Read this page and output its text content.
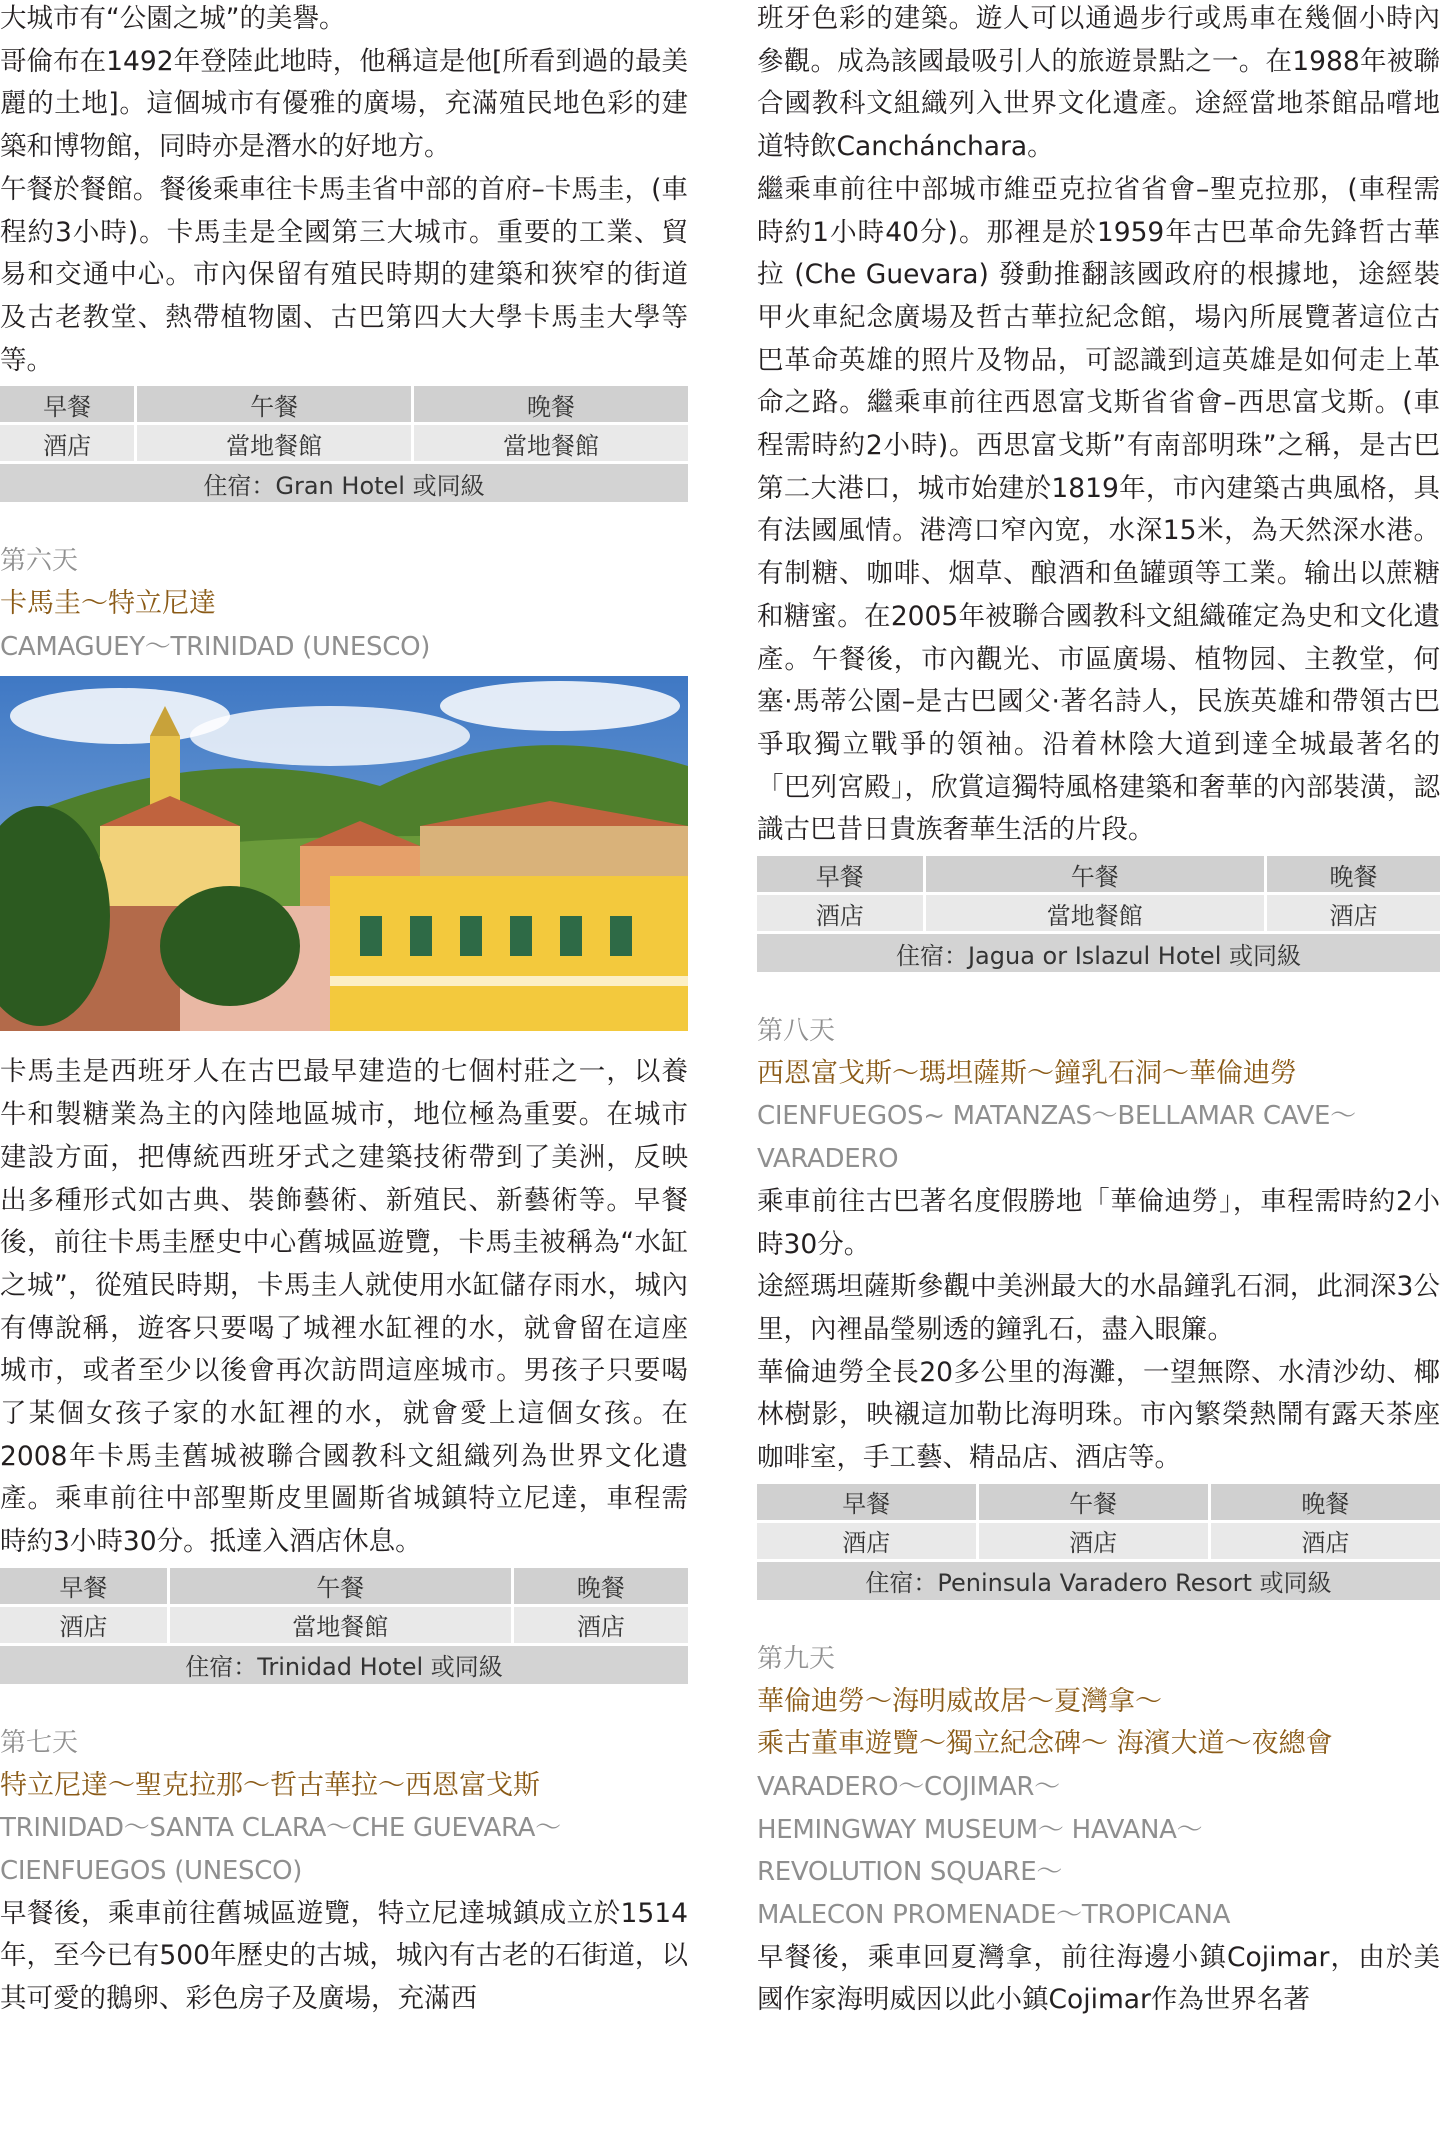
大城市有“公園之城”的美譽。

哥倫布在1492年登陸此地時，他稱這是他[所看到過的最美麗的土地]。這個城市有優雅的廣場，充滿殖民地色彩的建築和博物館，同時亦是潛水的好地方。

午餐於餐館。餐後乘車往卡馬圭省中部的首府–卡馬圭，(車程約3小時)。卡馬圭是全國第三大城市。重要的工業、貿易和交通中心。市內保留有殖民時期的建築和狹窄的街道及古老教堂、熱帶植物園、古巴第四大大學卡馬圭大學等等。

早餐	午餐	晚餐
酒店	當地餐館	當地餐館
住宿：Gran Hotel 或同級		

第六天

卡馬圭～特立尼達

CAMAGUEY～TRINIDAD (UNESCO)

卡馬圭是西班牙人在古巴最早建造的七個村莊之一，以養牛和製糖業為主的內陸地區城市，地位極為重要。在城市建設方面，把傳統西班牙式之建築技術帶到了美洲，反映出多種形式如古典、裝飾藝術、新殖民、新藝術等。早餐後，前往卡馬圭歷史中心舊城區遊覽，卡馬圭被稱為“水缸之城”，從殖民時期，卡馬圭人就使用水缸儲存雨水，城內有傳說稱，遊客只要喝了城裡水缸裡的水，就會留在這座城市，或者至少以後會再次訪問這座城市。男孩子只要喝了某個女孩子家的水缸裡的水，就會愛上這個女孩。在2008年卡馬圭舊城被聯合國教科文組織列為世界文化遺產。乘車前往中部聖斯皮里圖斯省城鎮特立尼達，車程需時約3小時30分。抵達入酒店休息。

早餐	午餐	晚餐
酒店	當地餐館	酒店
住宿：Trinidad Hotel 或同級		

第七天

特立尼達～聖克拉那～哲古華拉～西恩富戈斯

TRINIDAD～SANTA CLARA～CHE GUEVARA～

CIENFUEGOS (UNESCO)

早餐後，乘車前往舊城區遊覽，特立尼達城鎮成立於1514年，至今已有500年歷史的古城，城內有古老的石街道，以其可愛的鵝卵、彩色房子及廣場，充滿西

班牙色彩的建築。遊人可以通過步行或馬車在幾個小時內參觀。成為該國最吸引人的旅遊景點之一。在1988年被聯合國教科文組織列入世界文化遺產。途經當地茶館品嚐地道特飲Canchánchara。

繼乘車前往中部城市維亞克拉省省會–聖克拉那，(車程需時約1小時40分)。那裡是於1959年古巴革命先鋒哲古華拉 (Che Guevara) 發動推翻該國政府的根據地，途經裝甲火車紀念廣場及哲古華拉紀念館，場內所展覽著這位古巴革命英雄的照片及物品，可認識到這英雄是如何走上革命之路。繼乘車前往西恩富戈斯省省會–西思富戈斯。(車程需時約2小時)。西思富戈斯”有南部明珠”之稱，是古巴第二大港口，城市始建於1819年，市內建築古典風格，具有法國風情。港湾口窄內宽，水深15米，為天然深水港。有制糖、咖啡、烟草、酿酒和鱼罐頭等工業。输出以蔗糖和糖蜜。在2005年被聯合國教科文組織確定為史和文化遺產。午餐後，市內觀光、市區廣場、植物园、主教堂，何塞·馬蒂公園–是古巴國父·著名詩人，民族英雄和帶領古巴爭取獨立戰爭的領袖。沿着林陰大道到達全城最著名的「巴列宮殿」，欣賞這獨特風格建築和奢華的內部裝潢，認識古巴昔日貴族奢華生活的片段。

早餐	午餐	晚餐
酒店	當地餐館	酒店
住宿：Jagua or Islazul Hotel 或同級		

第八天

西恩富戈斯～瑪坦薩斯～鐘乳石洞～華倫迪勞

CIENFUEGOS~ MATANZAS～BELLAMAR CAVE～

VARADERO

乘車前往古巴著名度假勝地「華倫迪勞」，車程需時約2小時30分。

途經瑪坦薩斯參觀中美洲最大的水晶鐘乳石洞，此洞深3公里，內裡晶瑩剔透的鐘乳石，盡入眼簾。

華倫迪勞全長20多公里的海灘，一望無際、水清沙幼、椰林樹影，映襯這加勒比海明珠。市內繁榮熱鬧有露天茶座咖啡室，手工藝、精品店、酒店等。

早餐	午餐	晚餐
酒店	酒店	酒店
住宿：Peninsula Varadero Resort 或同級		

第九天

華倫迪勞～海明威故居～夏灣拿～

乘古董車遊覽～獨立紀念碑～ 海濱大道～夜總會

VARADERO～COJIMAR～

HEMINGWAY MUSEUM～ HAVANA～

REVOLUTION SQUARE～

MALECON PROMENADE～TROPICANA

早餐後，乘車回夏灣拿，前往海邊小鎮Cojimar，由於美國作家海明威因以此小鎮Cojimar作為世界名著
